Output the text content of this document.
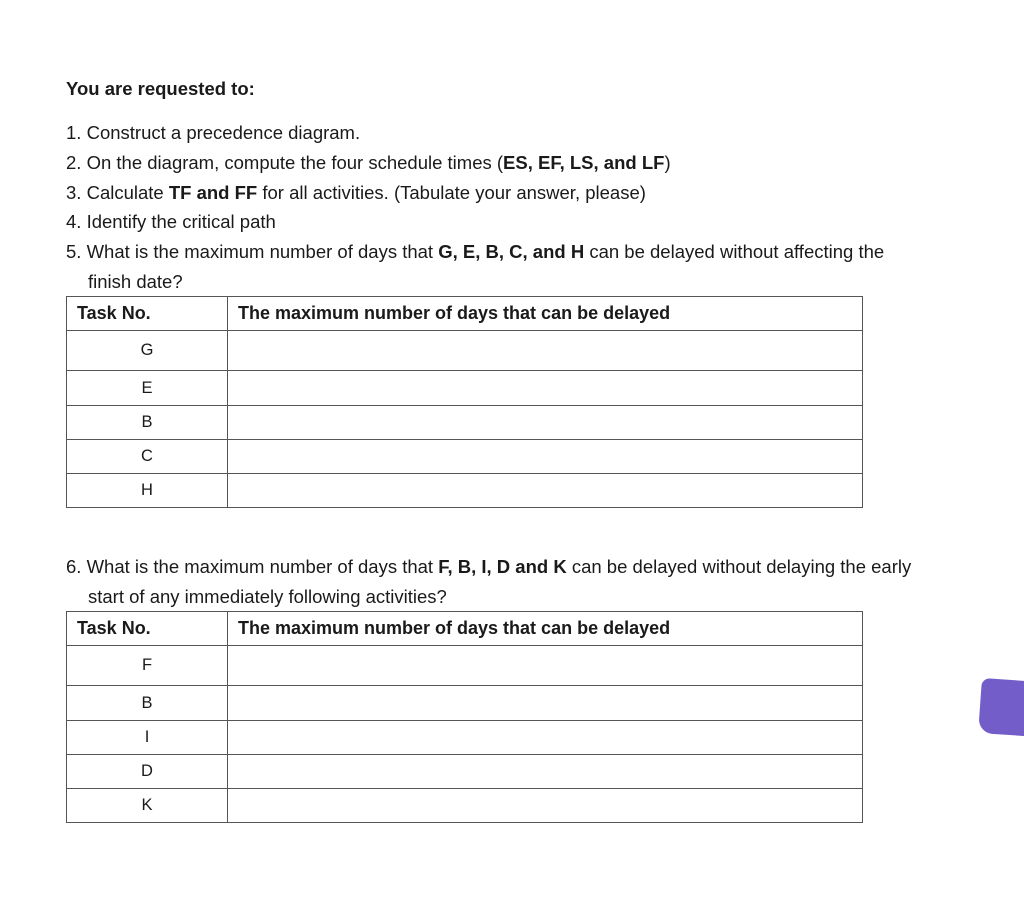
You are requested to:

1. Construct a precedence diagram.
2. On the diagram, compute the four schedule times (ES, EF, LS, and LF)
3. Calculate TF and FF for all activities. (Tabulate your answer, please)
4. Identify the critical path
5. What is the maximum number of days that G, E, B, C, and H can be delayed without affecting the
finish date?
Task No.	The maximum number of days that can be delayed
G	
E	
B	
C	
H	
6. What is the maximum number of days that F, B, I, D and K can be delayed without delaying the early
start of any immediately following activities?
Task No.	The maximum number of days that can be delayed
F	
B	
I	
D	
K	
